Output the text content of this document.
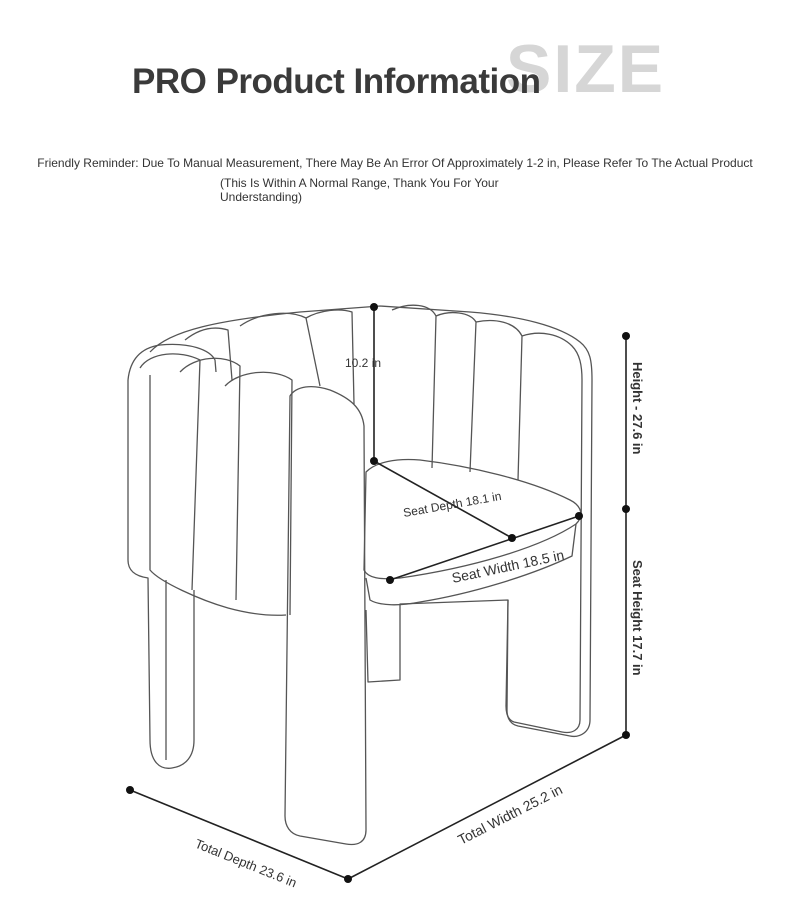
SIZE
PRO Product Information
Friendly Reminder: Due To Manual Measurement, There May Be An Error Of Approximately 1-2 in, Please Refer To The Actual Product
(This Is Within A Normal Range, Thank You For Your Understanding)
10.2 in	Height - 27.6 in
Seat Depth 18.1 in
Seat Width 18.5 in	Seat Height 17.7 in
Total Width 25.2 in
Total Depth 23.6 in
